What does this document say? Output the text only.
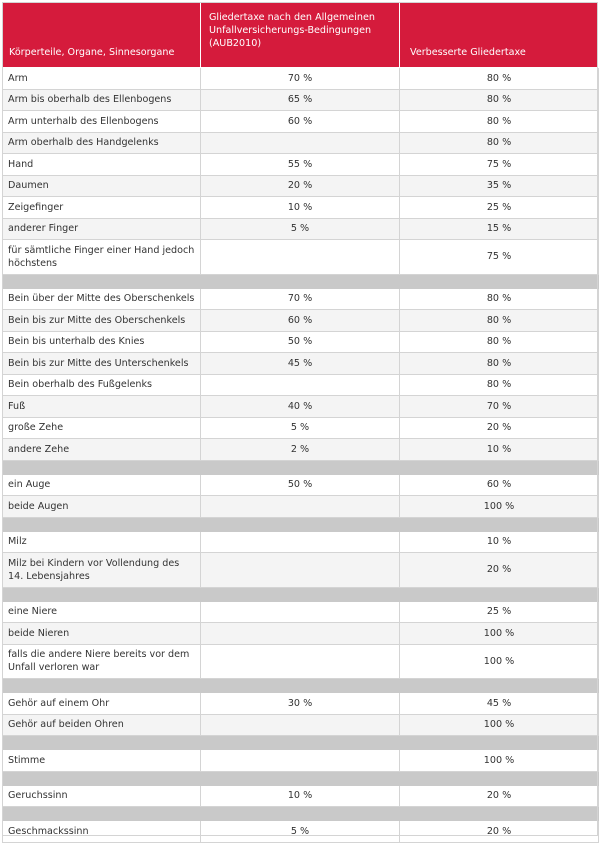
Körperteile, Organe, Sinnesorgane	Gliedertaxe nach den Allgemeinen Unfallversicherungs-Bedingungen (AUB2010)	Verbesserte Gliedertaxe
Arm	70 %	80 %
Arm bis oberhalb des Ellenbogens	65 %	80 %
Arm unterhalb des Ellenbogens	60 %	80 %
Arm oberhalb des Handgelenks		80 %
Hand	55 %	75 %
Daumen	20 %	35 %
Zeigefinger	10 %	25 %
anderer Finger	5 %	15 %
für sämtliche Finger einer Hand jedoch höchstens		75 %

Bein über der Mitte des Oberschenkels	70 %	80 %
Bein bis zur Mitte des Oberschenkels	60 %	80 %
Bein bis unterhalb des Knies	50 %	80 %
Bein bis zur Mitte des Unterschenkels	45 %	80 %
Bein oberhalb des Fußgelenks		80 %
Fuß	40 %	70 %
große Zehe	5 %	20 %
andere Zehe	2 %	10 %

ein Auge	50 %	60 %
beide Augen		100 %

Milz		10 %
Milz bei Kindern vor Vollendung des 14. Lebensjahres		20 %

eine Niere		25 %
beide Nieren		100 %
falls die andere Niere bereits vor dem Unfall verloren war		100 %

Gehör auf einem Ohr	30 %	45 %
Gehör auf beiden Ohren		100 %

Stimme		100 %

Geruchssinn	10 %	20 %

Geschmackssinn	5 %	20 %
